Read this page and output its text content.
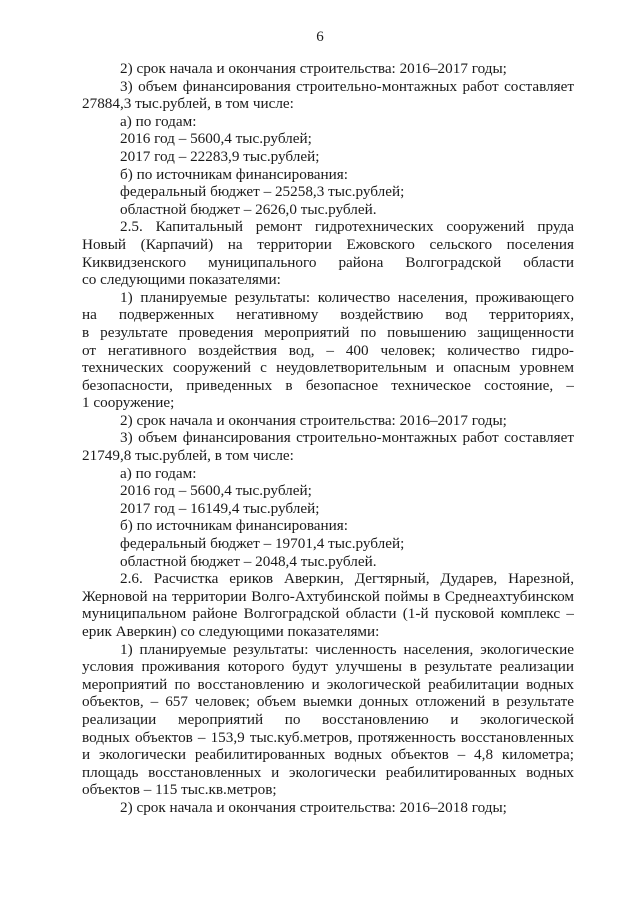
6
2) срок начала и окончания строительства: 2016–2017 годы;
3) объем финансирования строительно-монтажных работ составляет
27884,3 тыс.рублей, в том числе:
а) по годам:
2016 год – 5600,4 тыс.рублей;
2017 год – 22283,9 тыс.рублей;
б) по источникам финансирования:
федеральный бюджет – 25258,3 тыс.рублей;
областной бюджет – 2626,0 тыс.рублей.
2.5. Капитальный ремонт гидротехнических сооружений пруда
Новый (Карпачий) на территории Ежовского сельского поселения
Киквидзенского муниципального района Волгоградской области
со следующими показателями:
1) планируемые результаты: количество населения, проживающего
на подверженных негативному воздействию вод территориях,
в результате проведения мероприятий по повышению защищенности
от негативного воздействия вод, – 400 человек; количество гидро-
технических сооружений с неудовлетворительным и опасным уровнем
безопасности, приведенных в безопасное техническое состояние, –
1 сооружение;
2) срок начала и окончания строительства: 2016–2017 годы;
3) объем финансирования строительно-монтажных работ составляет
21749,8 тыс.рублей, в том числе:
а) по годам:
2016 год – 5600,4 тыс.рублей;
2017 год – 16149,4 тыс.рублей;
б) по источникам финансирования:
федеральный бюджет – 19701,4 тыс.рублей;
областной бюджет – 2048,4 тыс.рублей.
2.6. Расчистка ериков Аверкин, Дегтярный, Дударев, Нарезной,
Жерновой на территории Волго-Ахтубинской поймы в Среднеахтубинском
муниципальном районе Волгоградской области (1-й пусковой комплекс –
ерик Аверкин) со следующими показателями:
1) планируемые результаты: численность населения, экологические
условия проживания которого будут улучшены в результате реализации
мероприятий по восстановлению и экологической реабилитации водных
объектов, – 657 человек; объем выемки донных отложений в результате
реализации мероприятий по восстановлению и экологической
водных объектов – 153,9 тыс.куб.метров, протяженность восстановленных
и экологически реабилитированных водных объектов – 4,8 километра;
площадь восстановленных и экологически реабилитированных водных
объектов – 115 тыс.кв.метров;
2) срок начала и окончания строительства: 2016–2018 годы;
